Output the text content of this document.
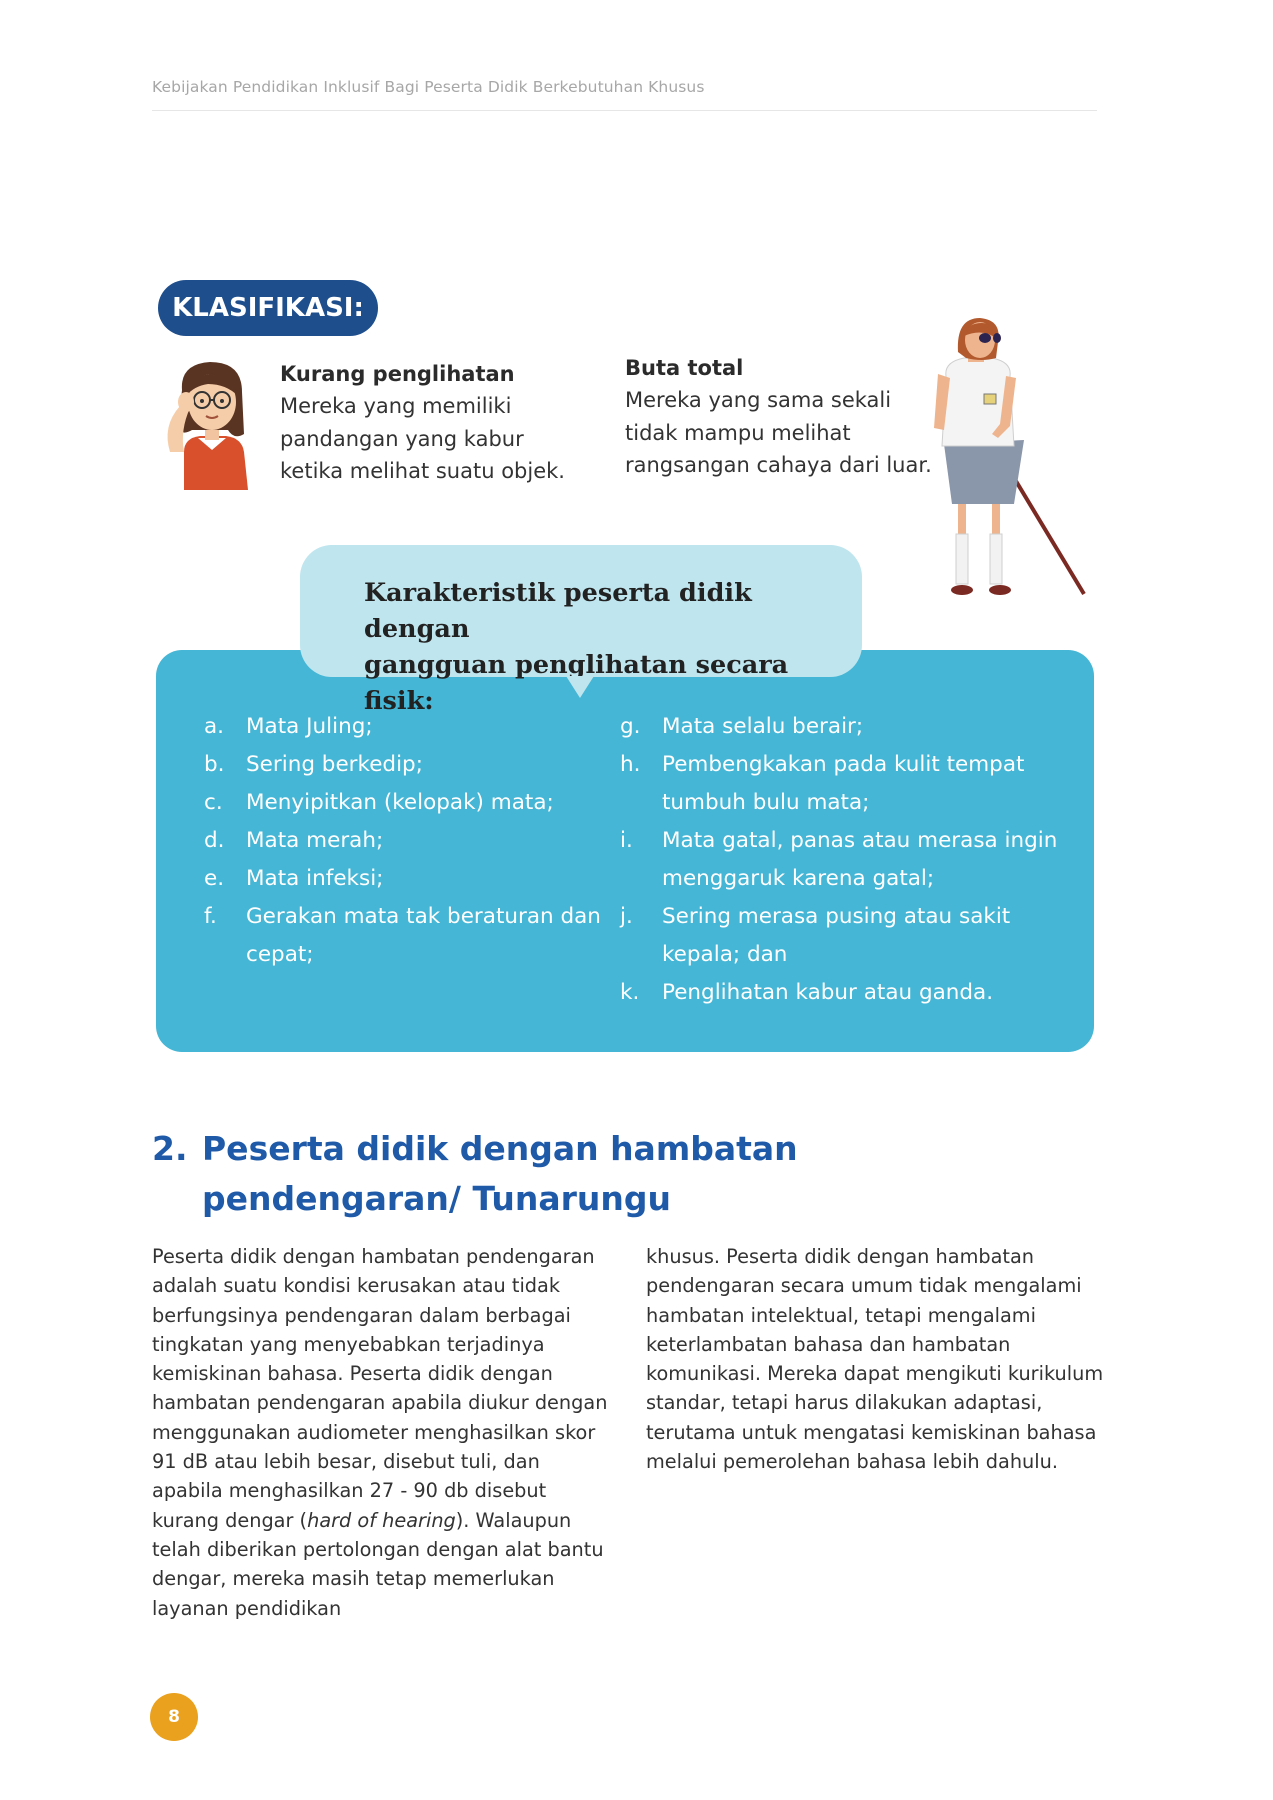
Kebijakan Pendidikan Inklusif Bagi Peserta Didik Berkebutuhan Khusus
KLASIFIKASI:
Kurang penglihatan
Mereka yang memiliki pandangan yang kabur ketika melihat suatu objek.
Buta total
Mereka yang sama sekali tidak mampu melihat rangsangan cahaya dari luar.
Karakteristik peserta didik dengan
gangguan penglihatan secara fisik:
a.	Mata Juling;
b.	Sering berkedip;
c.	Menyipitkan (kelopak) mata;
d.	Mata merah;
e.	Mata infeksi;
f.	Gerakan mata tak beraturan dan cepat;
g.	Mata selalu berair;
h.	Pembengkakan pada kulit tempat tumbuh bulu mata;
i.	Mata gatal, panas atau merasa ingin menggaruk karena gatal;
j.	Sering merasa pusing atau sakit kepala; dan
k.	Penglihatan kabur atau ganda.
2. Peserta didik dengan hambatan pendengaran/ Tunarungu
Peserta didik dengan hambatan pendengaran adalah suatu kondisi kerusakan atau tidak berfungsinya pendengaran dalam berbagai tingkatan yang menyebabkan terjadinya kemiskinan bahasa. Peserta didik dengan hambatan pendengaran apabila diukur dengan menggunakan audiometer menghasilkan skor 91 dB atau lebih besar, disebut tuli, dan apabila menghasilkan 27 - 90 db disebut kurang dengar (hard of hearing). Walaupun telah diberikan pertolongan dengan alat bantu dengar, mereka masih tetap memerlukan layanan pendidikan
khusus. Peserta didik dengan hambatan pendengaran secara umum tidak mengalami hambatan intelektual, tetapi mengalami keterlambatan bahasa dan hambatan komunikasi. Mereka dapat mengikuti kurikulum standar, tetapi harus dilakukan adaptasi, terutama untuk mengatasi kemiskinan bahasa melalui pemerolehan bahasa lebih dahulu.
8
